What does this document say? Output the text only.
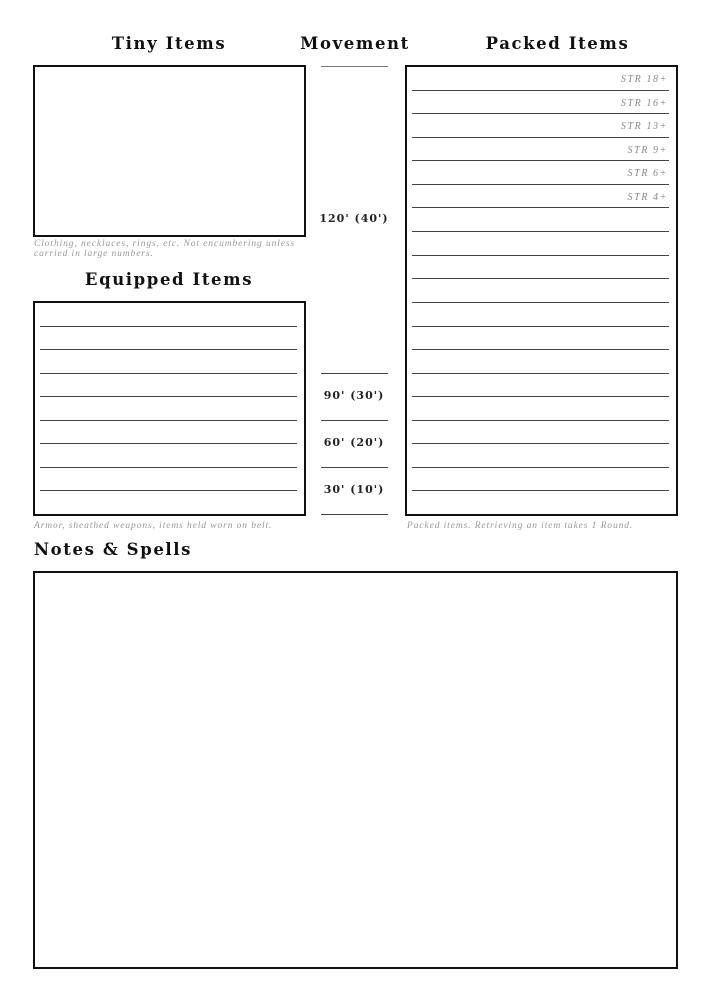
Tiny Items	Movement	Packed Items
Clothing, necklaces, rings, etc. Not encumbering unless carried in large numbers.
Equipped Items
Armor, sheathed weapons, items held worn on belt.
120' (40')
90' (30')
60' (20')
30' (10')
STR 18+
STR 16+
STR 13+
STR 9+
STR 6+
STR 4+
Packed items. Retrieving an item takes 1 Round.
Notes & Spells
